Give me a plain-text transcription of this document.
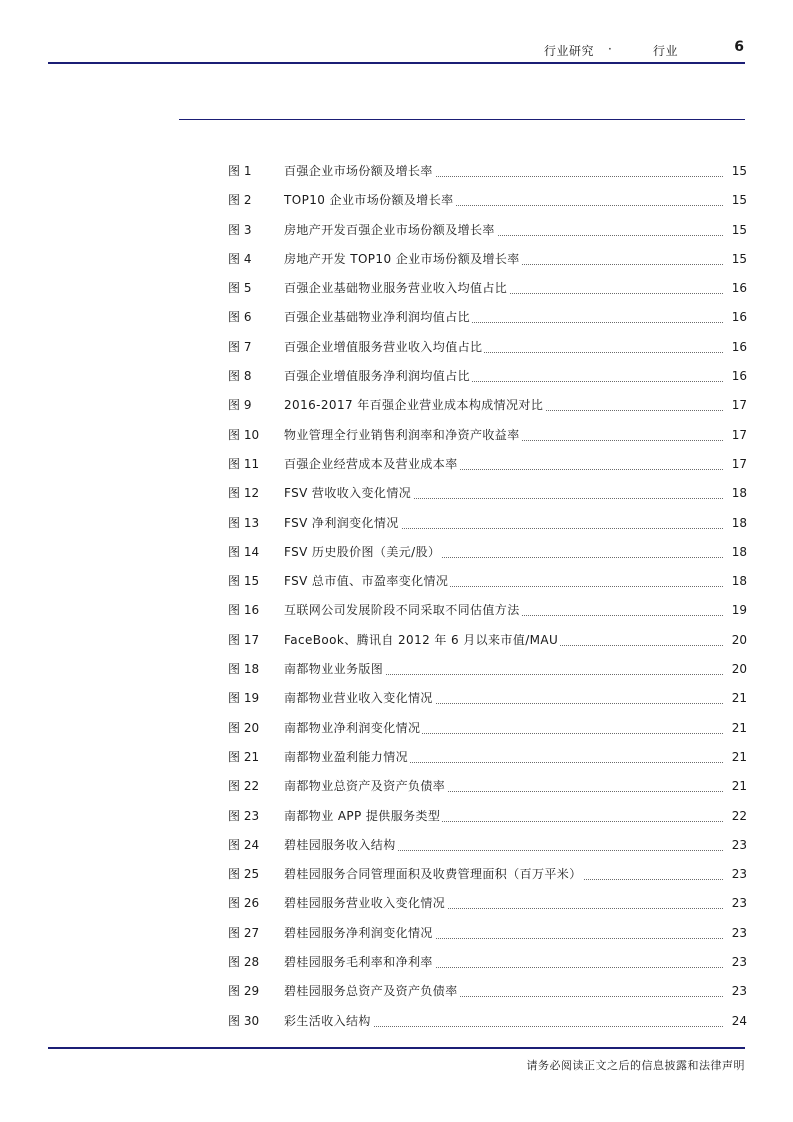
行业研究 ·	行业	6
图 1	百强企业市场份额及增长率	15
图 2	TOP10 企业市场份额及增长率	15
图 3	房地产开发百强企业市场份额及增长率	15
图 4	房地产开发 TOP10 企业市场份额及增长率	15
图 5	百强企业基础物业服务营业收入均值占比	16
图 6	百强企业基础物业净利润均值占比	16
图 7	百强企业增值服务营业收入均值占比	16
图 8	百强企业增值服务净利润均值占比	16
图 9	2016-2017 年百强企业营业成本构成情况对比	17
图 10 物业管理全行业销售利润率和净资产收益率	17
图 11 百强企业经营成本及营业成本率	17
图 12 FSV 营收收入变化情况	18
图 13 FSV 净利润变化情况	18
图 14 FSV 历史股价图（美元/股）	18
图 15 FSV 总市值、市盈率变化情况	18
图 16 互联网公司发展阶段不同采取不同估值方法	19
图 17 FaceBook、腾讯自 2012 年 6 月以来市值/MAU	20
图 18 南都物业业务版图	20
图 19 南都物业营业收入变化情况	21
图 20 南都物业净利润变化情况	21
图 21 南都物业盈利能力情况	21
图 22 南都物业总资产及资产负债率	21
图 23 南都物业 APP 提供服务类型	22
图 24 碧桂园服务收入结构	23
图 25 碧桂园服务合同管理面积及收费管理面积（百万平米）	23
图 26 碧桂园服务营业收入变化情况	23
图 27 碧桂园服务净利润变化情况	23
图 28 碧桂园服务毛利率和净利率	23
图 29 碧桂园服务总资产及资产负债率	23
图 30 彩生活收入结构	24
请务必阅读正文之后的信息披露和法律声明
